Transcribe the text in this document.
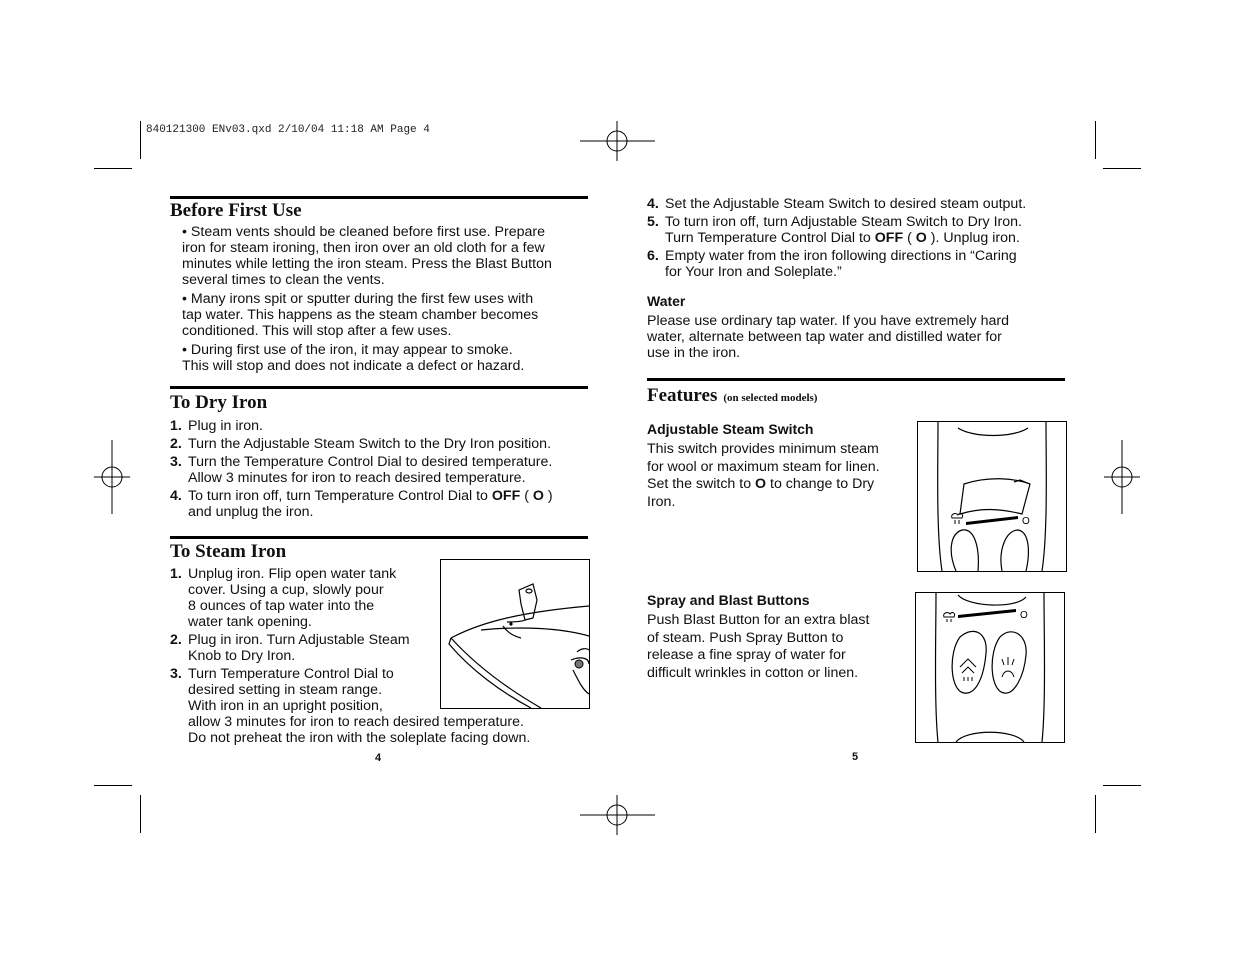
840121300 ENv03.qxd 2/10/04 11:18 AM Page 4
Before First Use

• Steam vents should be cleaned before first use. Prepare

iron for steam ironing, then iron over an old cloth for a few

minutes while letting the iron steam. Press the Blast Button

several times to clean the vents.

• Many irons spit or sputter during the first few uses with

tap water. This happens as the steam chamber becomes

conditioned. This will stop after a few uses.

• During first use of the iron, it may appear to smoke.

This will stop and does not indicate a defect or hazard.

To Dry Iron
1. Plug in iron.

2. Turn the Adjustable Steam Switch to the Dry Iron position.

3. Turn the Temperature Control Dial to desired temperature.

Allow 3 minutes for iron to reach desired temperature.

4. To turn iron off, turn Temperature Control Dial to OFF ( O )

and unplug the iron.

To Steam Iron
1. Unplug iron. Flip open water tank

cover. Using a cup, slowly pour

8 ounces of tap water into the

water tank opening.

2. Plug in iron. Turn Adjustable Steam

Knob to Dry Iron.

3. Turn Temperature Control Dial to

desired setting in steam range.

With iron in an upright position,

allow 3 minutes for iron to reach desired temperature.

Do not preheat the iron with the soleplate facing down.

4
4. Set the Adjustable Steam Switch to desired steam output.

5. To turn iron off, turn Adjustable Steam Switch to Dry Iron.

Turn Temperature Control Dial to OFF ( O ). Unplug iron.

6. Empty water from the iron following directions in “Caring

for Your Iron and Soleplate.”

Water

Please use ordinary tap water. If you have extremely hard

water, alternate between tap water and distilled water for

use in the iron.

Features (on selected models)
Adjustable Steam Switch

This switch provides minimum steam

for wool or maximum steam for linen.

Set the switch to O to change to Dry

Iron.

O
Spray and Blast Buttons

Push Blast Button for an extra blast

of steam. Push Spray Button to

release a fine spray of water for

difficult wrinkles in cotton or linen.

O
5
